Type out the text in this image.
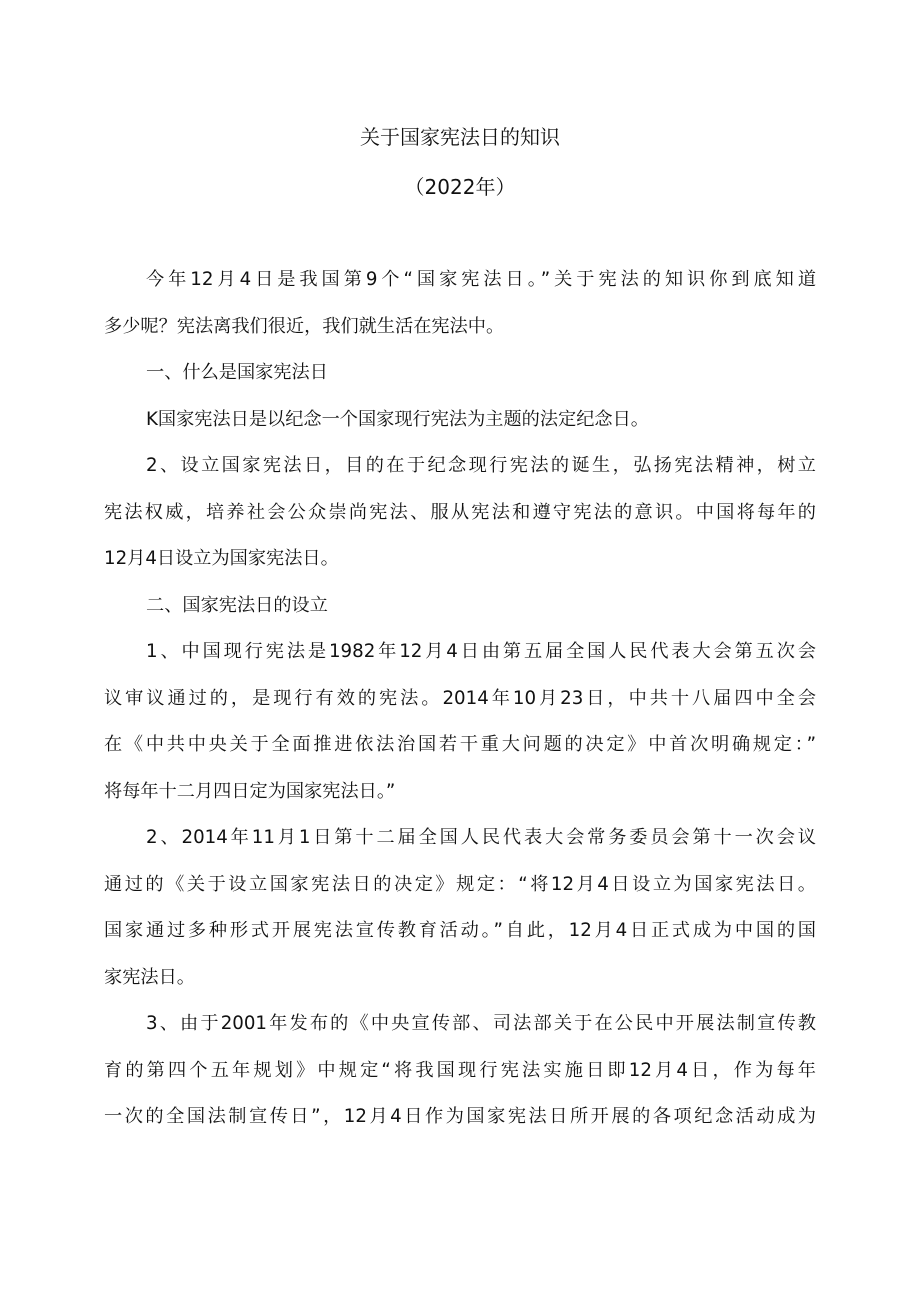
关于国家宪法日的知识
（2022年）
今年12月4日是我国第9个“国家宪法日。”关于宪法的知识你到底知道
多少呢？宪法离我们很近，我们就生活在宪法中。
一、什么是国家宪法日
K国家宪法日是以纪念一个国家现行宪法为主题的法定纪念日。
2、设立国家宪法日，目的在于纪念现行宪法的诞生，弘扬宪法精神，树立
宪法权威，培养社会公众崇尚宪法、服从宪法和遵守宪法的意识。中国将每年的
12月4日设立为国家宪法日。
二、国家宪法日的设立
1、中国现行宪法是1982年12月4日由第五届全国人民代表大会第五次会
议审议通过的，是现行有效的宪法。2014年10月23日，中共十八届四中全会
在《中共中央关于全面推进依法治国若干重大问题的决定》中首次明确规定：”
将每年十二月四日定为国家宪法日。”
2、2014年11月1日第十二届全国人民代表大会常务委员会第十一次会议
通过的《关于设立国家宪法日的决定》规定：“将12月4日设立为国家宪法日。
国家通过多种形式开展宪法宣传教育活动。”自此，12月4日正式成为中国的国
家宪法日。
3、由于2001年发布的《中央宣传部、司法部关于在公民中开展法制宣传教
育的第四个五年规划》中规定“将我国现行宪法实施日即12月4日，作为每年
一次的全国法制宣传日”，12月4日作为国家宪法日所开展的各项纪念活动成为
